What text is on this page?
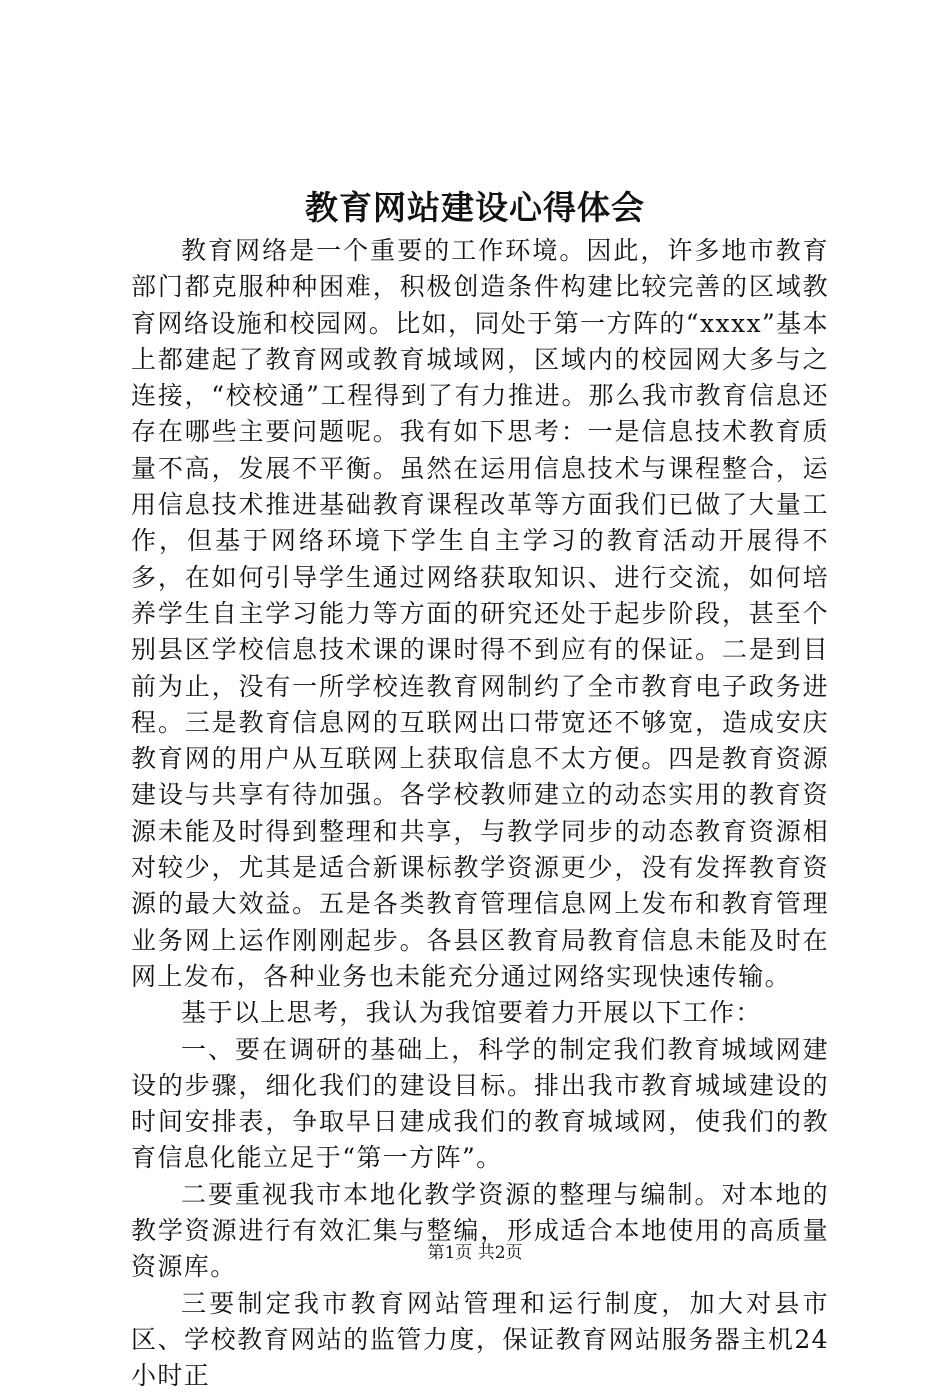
教育网站建设心得体会

教育网络是一个重要的工作环境。因此，许多地市教育部门都克服种种困难，积极创造条件构建比较完善的区域教育网络设施和校园网。比如，同处于第一方阵的“xxxx”基本上都建起了教育网或教育城域网，区域内的校园网大多与之连接，“校校通”工程得到了有力推进。那么我市教育信息还存在哪些主要问题呢。我有如下思考：一是信息技术教育质量不高，发展不平衡。虽然在运用信息技术与课程整合，运用信息技术推进基础教育课程改革等方面我们已做了大量工作，但基于网络环境下学生自主学习的教育活动开展得不多，在如何引导学生通过网络获取知识、进行交流，如何培养学生自主学习能力等方面的研究还处于起步阶段，甚至个别县区学校信息技术课的课时得不到应有的保证。二是到目前为止，没有一所学校连教育网制约了全市教育电子政务进程。三是教育信息网的互联网出口带宽还不够宽，造成安庆教育网的用户从互联网上获取信息不太方便。四是教育资源建设与共享有待加强。各学校教师建立的动态实用的教育资源未能及时得到整理和共享，与教学同步的动态教育资源相对较少，尤其是适合新课标教学资源更少，没有发挥教育资源的最大效益。五是各类教育管理信息网上发布和教育管理业务网上运作刚刚起步。各县区教育局教育信息未能及时在网上发布，各种业务也未能充分通过网络实现快速传输。

基于以上思考，我认为我馆要着力开展以下工作：

一、要在调研的基础上，科学的制定我们教育城域网建设的步骤，细化我们的建设目标。排出我市教育城域建设的时间安排表，争取早日建成我们的教育城域网，使我们的教育信息化能立足于“第一方阵”。

二要重视我市本地化教学资源的整理与编制。对本地的教学资源进行有效汇集与整编，形成适合本地使用的高质量资源库。

三要制定我市教育网站管理和运行制度，加大对县市区、学校教育网站的监管力度，保证教育网站服务器主机24小时正

第1页 共2页
